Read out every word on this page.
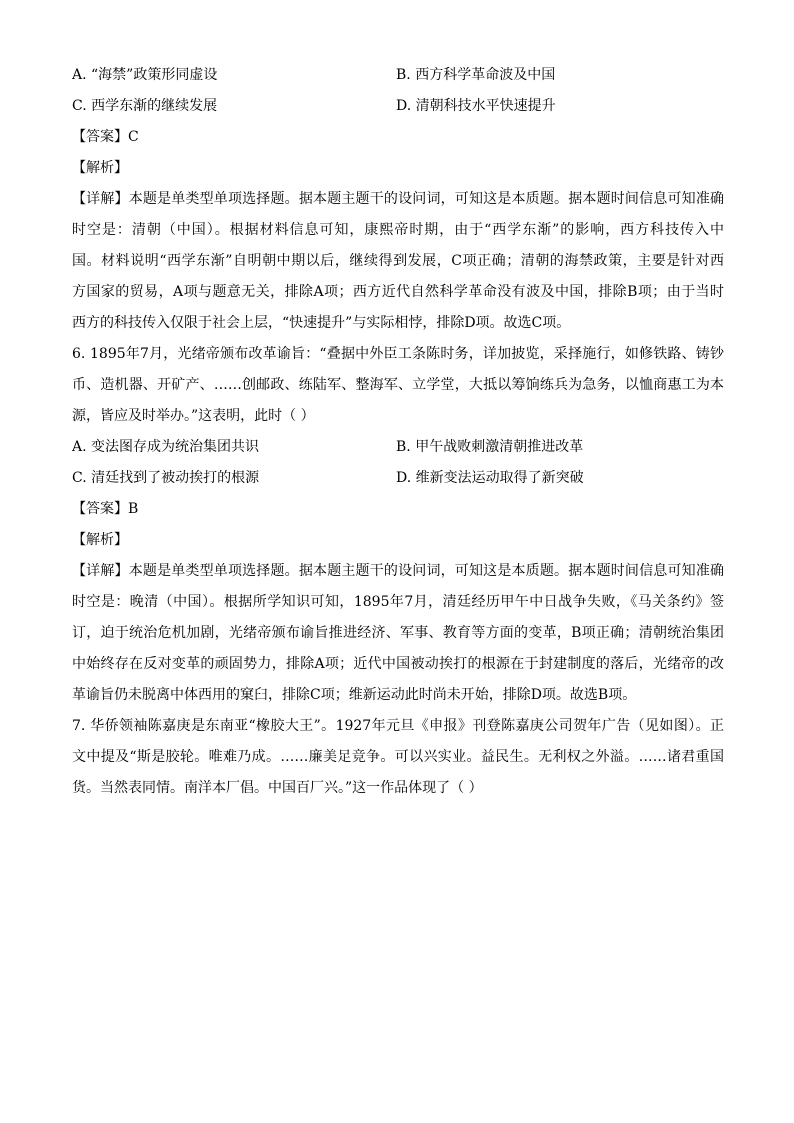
A. “海禁”政策形同虚设	B. 西方科学革命波及中国
C. 西学东渐的继续发展	D. 清朝科技水平快速提升
【答案】C
【解析】
【详解】本题是单类型单项选择题。据本题主题干的设问词，可知这是本质题。据本题时间信息可知准确
时空是：清朝（中国）。根据材料信息可知，康熙帝时期，由于“西学东渐”的影响，西方科技传入中
国。材料说明“西学东渐”自明朝中期以后，继续得到发展，C项正确；清朝的海禁政策，主要是针对西
方国家的贸易，A项与题意无关，排除A项；西方近代自然科学革命没有波及中国，排除B项；由于当时
西方的科技传入仅限于社会上层，“快速提升”与实际相悖，排除D项。故选C项。
6. 1895年7月，光绪帝颁布改革谕旨：“叠据中外臣工条陈时务，详加披览，采择施行，如修铁路、铸钞
币、造机器、开矿产、……创邮政、练陆军、整海军、立学堂，大抵以筹饷练兵为急务，以恤商惠工为本
源，皆应及时举办。”这表明，此时（ ）
A. 变法图存成为统治集团共识	B. 甲午战败刺激清朝推进改革
C. 清廷找到了被动挨打的根源	D. 维新变法运动取得了新突破
【答案】B
【解析】
【详解】本题是单类型单项选择题。据本题主题干的设问词，可知这是本质题。据本题时间信息可知准确
时空是：晚清（中国）。根据所学知识可知，1895年7月，清廷经历甲午中日战争失败，《马关条约》签
订，迫于统治危机加剧，光绪帝颁布谕旨推进经济、军事、教育等方面的变革，B项正确；清朝统治集团
中始终存在反对变革的顽固势力，排除A项；近代中国被动挨打的根源在于封建制度的落后，光绪帝的改
革谕旨仍未脱离中体西用的窠臼，排除C项；维新运动此时尚未开始，排除D项。故选B项。
7. 华侨领袖陈嘉庚是东南亚“橡胶大王”。1927年元旦《申报》刊登陈嘉庚公司贺年广告（见如图）。正
文中提及“斯是胶轮。唯难乃成。……廉美足竞争。可以兴实业。益民生。无利权之外溢。……诸君重国
货。当然表同情。南洋本厂倡。中国百厂兴。”这一作品体现了（ ）
